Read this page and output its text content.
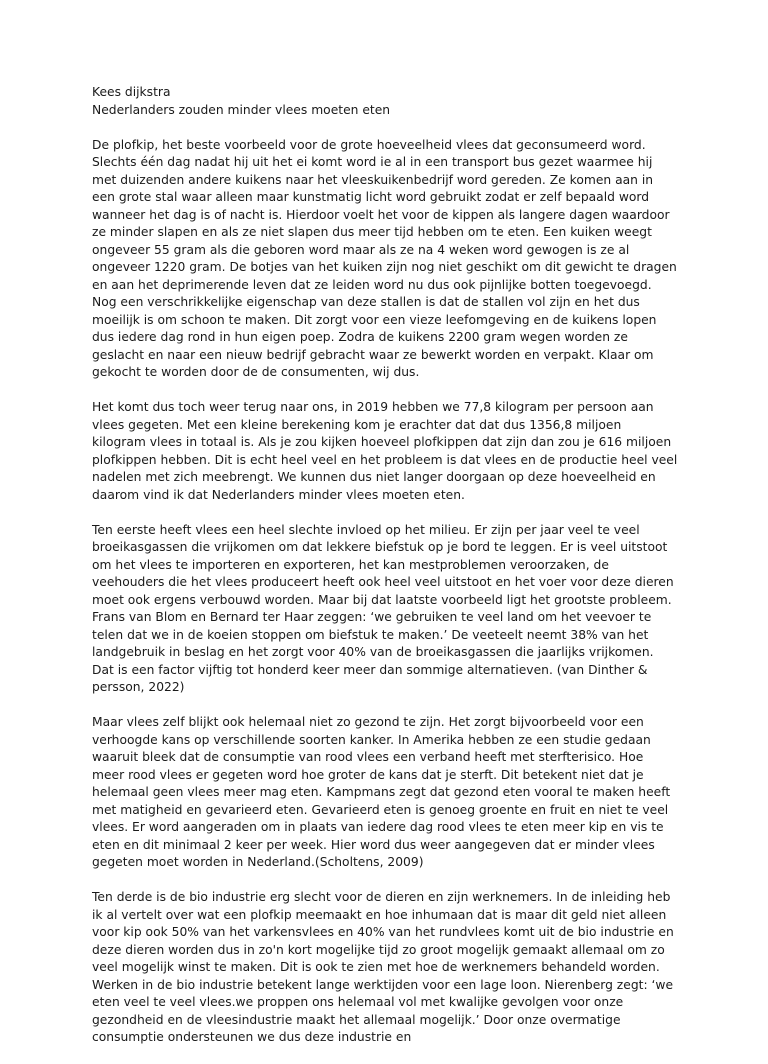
Kees dijkstra
Nederlanders zouden minder vlees moeten eten

De plofkip, het beste voorbeeld voor de grote hoeveelheid vlees dat geconsumeerd word. Slechts één dag nadat hij uit het ei komt word ie al in een transport bus gezet waarmee hij met duizenden andere kuikens naar het vleeskuikenbedrijf word gereden. Ze komen aan in een grote stal waar alleen maar kunstmatig licht word gebruikt zodat er zelf bepaald word wanneer het dag is of nacht is. Hierdoor voelt het voor de kippen als langere dagen waardoor ze minder slapen en als ze niet slapen dus meer tijd hebben om te eten. Een kuiken weegt ongeveer 55 gram als die geboren word maar als ze na 4 weken word gewogen is ze al ongeveer 1220 gram. De botjes van het kuiken zijn nog niet geschikt om dit gewicht te dragen en aan het deprimerende leven dat ze leiden word nu dus ook pijnlijke botten toegevoegd. Nog een verschrikkelijke eigenschap van deze stallen is dat de stallen vol zijn en het dus moeilijk is om schoon te maken. Dit zorgt voor een vieze leefomgeving en de kuikens lopen dus iedere dag rond in hun eigen poep. Zodra de kuikens 2200 gram wegen worden ze geslacht en naar een nieuw bedrijf gebracht waar ze bewerkt worden en verpakt. Klaar om gekocht te worden door de de consumenten, wij dus.

Het komt dus toch weer terug naar ons, in 2019 hebben we 77,8 kilogram per persoon aan vlees gegeten. Met een kleine berekening kom je erachter dat dat dus 1356,8 miljoen kilogram vlees in totaal is. Als je zou kijken hoeveel plofkippen dat zijn dan zou je 616 miljoen plofkippen hebben. Dit is echt heel veel en het probleem is dat vlees en de productie heel veel nadelen met zich meebrengt. We kunnen dus niet langer doorgaan op deze hoeveelheid en daarom vind ik dat Nederlanders minder vlees moeten eten.

Ten eerste heeft vlees een heel slechte invloed op het milieu. Er zijn per jaar veel te veel broeikasgassen die vrijkomen om dat lekkere biefstuk op je bord te leggen. Er is veel uitstoot om het vlees te importeren en exporteren, het kan mestproblemen veroorzaken, de veehouders die het vlees produceert heeft ook heel veel uitstoot en het voer voor deze dieren moet ook ergens verbouwd worden. Maar bij dat laatste voorbeeld ligt het grootste probleem. Frans van Blom en Bernard ter Haar zeggen: ‘we gebruiken te veel land om het veevoer te telen dat we in de koeien stoppen om biefstuk te maken.’ De veeteelt neemt 38% van het landgebruik in beslag en het zorgt voor 40% van de broeikasgassen die jaarlijks vrijkomen.

Dat is een factor vijftig tot honderd keer meer dan sommige alternatieven. (van Dinther & persson, 2022)

Maar vlees zelf blijkt ook helemaal niet zo gezond te zijn. Het zorgt bijvoorbeeld voor een verhoogde kans op verschillende soorten kanker. In Amerika hebben ze een studie gedaan waaruit bleek dat de consumptie van rood vlees een verband heeft met sterfterisico. Hoe meer rood vlees er gegeten word hoe groter de kans dat je sterft. Dit betekent niet dat je helemaal geen vlees meer mag eten. Kampmans zegt dat gezond eten vooral te maken heeft met matigheid en gevarieerd eten. Gevarieerd eten is genoeg groente en fruit en niet te veel vlees. Er word aangeraden om in plaats van iedere dag rood vlees te eten meer kip en vis te eten en dit minimaal 2 keer per week. Hier word dus weer aangegeven dat er minder vlees gegeten moet worden in Nederland.(Scholtens, 2009)

Ten derde is de bio industrie erg slecht voor de dieren en zijn werknemers. In de inleiding heb ik al vertelt over wat een plofkip meemaakt en hoe inhumaan dat is maar dit geld niet alleen voor kip ook 50% van het varkensvlees en 40% van het rundvlees komt uit de bio industrie en deze dieren worden dus in zo'n kort mogelijke tijd zo groot mogelijk gemaakt allemaal om zo veel mogelijk winst te maken. Dit is ook te zien met hoe de werknemers behandeld worden. Werken in de bio industrie betekent lange werktijden voor een lage loon. Nierenberg zegt: ‘we eten veel te veel vlees.we proppen ons helemaal vol met kwalijke gevolgen voor onze gezondheid en de vleesindustrie maakt het allemaal mogelijk.’ Door onze overmatige consumptie ondersteunen we dus deze industrie en
